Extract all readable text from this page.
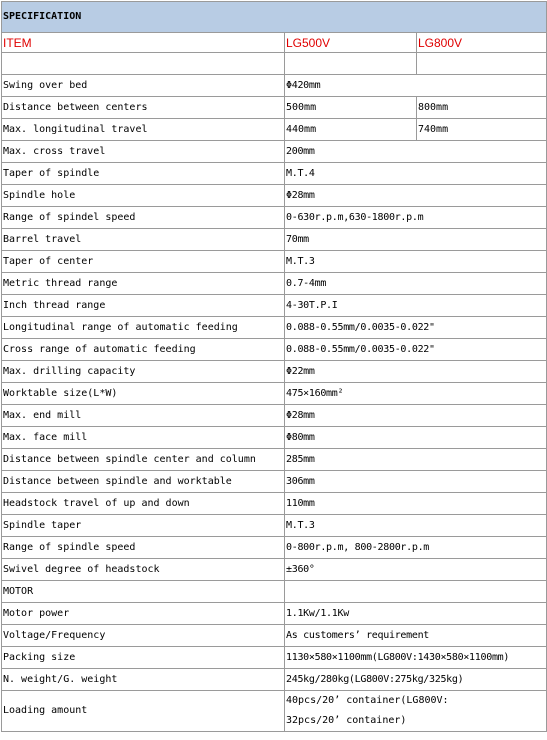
SPECIFICATION		
ITEM	LG500V	LG800V

Swing over bed	Φ420mm	
Distance between centers	500mm	800mm
Max. longitudinal travel	440mm	740mm
Max. cross travel	200mm	
Taper of spindle	M.T.4	
Spindle hole	Φ28mm	
Range of spindel speed	0-630r.p.m,630-1800r.p.m	
Barrel travel	70mm	
Taper of center	M.T.3	
Metric thread range	0.7-4mm	
Inch thread range	4-30T.P.I	
Longitudinal range of automatic feeding	0.088-0.55mm/0.0035-0.022"	
Cross range of automatic feeding	0.088-0.55mm/0.0035-0.022"	
Max. drilling capacity	Φ22mm	
Worktable size(L*W)	475×160mm²	
Max. end mill	Φ28mm	
Max. face mill	Φ80mm	
Distance between spindle center and column	285mm	
Distance between spindle and worktable	306mm	
Headstock travel of up and down	110mm	
Spindle taper	M.T.3	
Range of spindle speed	0-800r.p.m, 800-2800r.p.m	
Swivel degree of headstock	±360°	
MOTOR		
Motor power	1.1Kw/1.1Kw	
Voltage/Frequency	As customers’ requirement	
Packing size	1130×580×1100mm(LG800V:1430×580×1100mm)	
N. weight/G. weight	245kg/280kg(LG800V:275kg/325kg)	
Loading amount	40pcs/20’ container(LG800V:
32pcs/20’ container)	
